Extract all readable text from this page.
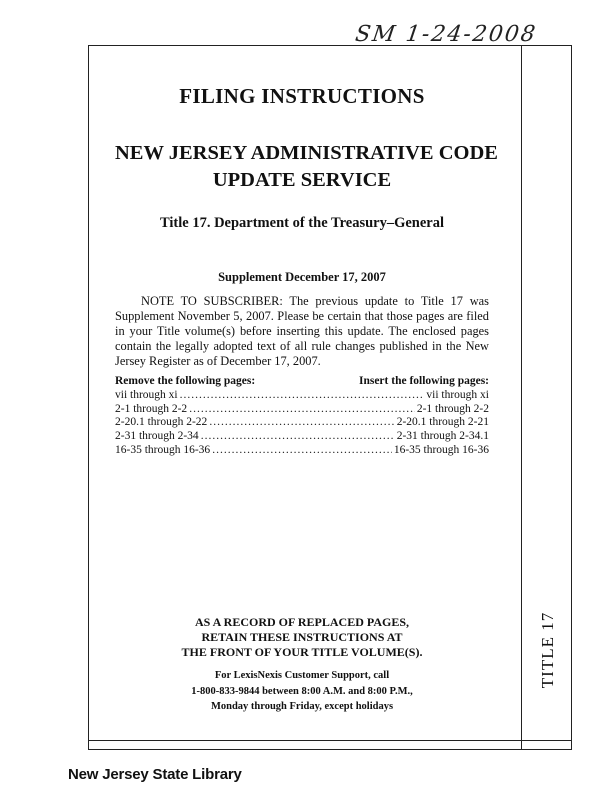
SM 1-24-2008
TITLE 17
FILING INSTRUCTIONS
NEW JERSEY ADMINISTRATIVE CODE
UPDATE SERVICE
Title 17. Department of the Treasury–General
Supplement December 17, 2007
NOTE TO SUBSCRIBER: The previous update to Title 17 was Supplement November 5, 2007. Please be certain that those pages are filed in your Title volume(s) before inserting this update. The enclosed pages contain the legally adopted text of all rule changes published in the New Jersey Register as of December 17, 2007.
Remove the following pages:	Insert the following pages:
vii through xi .....	vii through xi
2-1 through 2-2 .....	2-1 through 2-2
2-20.1 through 2-22 .....	2-20.1 through 2-21
2-31 through 2-34 .....	2-31 through 2-34.1
16-35 through 16-36 .....	16-35 through 16-36
AS A RECORD OF REPLACED PAGES,
RETAIN THESE INSTRUCTIONS AT
THE FRONT OF YOUR TITLE VOLUME(S).
For LexisNexis Customer Support, call
1-800-833-9844 between 8:00 A.M. and 8:00 P.M.,
Monday through Friday, except holidays
New Jersey State Library
